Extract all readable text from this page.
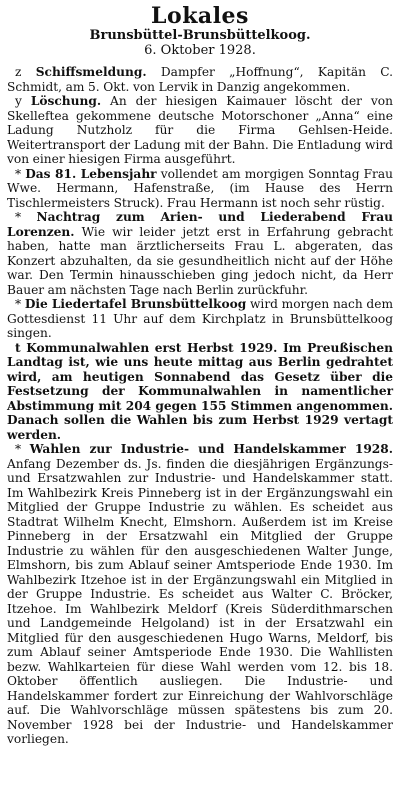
Lokales
Brunsbüttel-Brunsbüttelkoog.
6. Oktober 1928.

z Schiffsmeldung. Dampfer „Hoffnung“, Kapitän C. Schmidt, am 5. Okt. von Lervik in Danzig angekommen.

y Löschung. An der hiesigen Kaimauer löscht der von Skelleftea gekommene deutsche Motorschoner „Anna“ eine Ladung Nutzholz für die Firma Gehlsen-Heide. Weitertransport der Ladung mit der Bahn. Die Entladung wird von einer hiesigen Firma ausgeführt.

* Das 81. Lebensjahr vollendet am morgigen Sonntag Frau Wwe. Hermann, Hafenstraße, (im Hause des Herrn Tischlermeisters Struck). Frau Hermann ist noch sehr rüstig.

* Nachtrag zum Arien- und Liederabend Frau Lorenzen. Wie wir leider jetzt erst in Erfahrung gebracht haben, hatte man ärztlicherseits Frau L. abgeraten, das Konzert abzuhalten, da sie gesundheitlich nicht auf der Höhe war. Den Termin hinausschieben ging jedoch nicht, da Herr Bauer am nächsten Tage nach Berlin zurückfuhr.

* Die Liedertafel Brunsbüttelkoog wird morgen nach dem Gottesdienst 11 Uhr auf dem Kirchplatz in Brunsbüttelkoog singen.

t Kommunalwahlen erst Herbst 1929. Im Preußischen Landtag ist, wie uns heute mittag aus Berlin gedrahtet wird, am heutigen Sonnabend das Gesetz über die Festsetzung der Kommunalwahlen in namentlicher Abstimmung mit 204 gegen 155 Stimmen angenommen. Danach sollen die Wahlen bis zum Herbst 1929 vertagt werden.

* Wahlen zur Industrie- und Handelskammer 1928. Anfang Dezember ds. Js. finden die diesjährigen Ergänzungs- und Ersatzwahlen zur Industrie- und Handelskammer statt. Im Wahlbezirk Kreis Pinneberg ist in der Ergänzungswahl ein Mitglied der Gruppe Industrie zu wählen. Es scheidet aus Stadtrat Wilhelm Knecht, Elmshorn. Außerdem ist im Kreise Pinneberg in der Ersatzwahl ein Mitglied der Gruppe Industrie zu wählen für den ausgeschiedenen Walter Junge, Elmshorn, bis zum Ablauf seiner Amtsperiode Ende 1930. Im Wahlbezirk Itzehoe ist in der Ergänzungswahl ein Mitglied in der Gruppe Industrie. Es scheidet aus Walter C. Bröcker, Itzehoe. Im Wahlbezirk Meldorf (Kreis Süderdithmarschen und Landgemeinde Helgoland) ist in der Ersatzwahl ein Mitglied für den ausgeschiedenen Hugo Warns, Meldorf, bis zum Ablauf seiner Amtsperiode Ende 1930. Die Wahllisten bezw. Wahlkarteien für diese Wahl werden vom 12. bis 18. Oktober öffentlich ausliegen. Die Industrie- und Handelskammer fordert zur Einreichung der Wahlvorschläge auf. Die Wahlvorschläge müssen spätestens bis zum 20. November 1928 bei der Industrie- und Handelskammer vorliegen.
